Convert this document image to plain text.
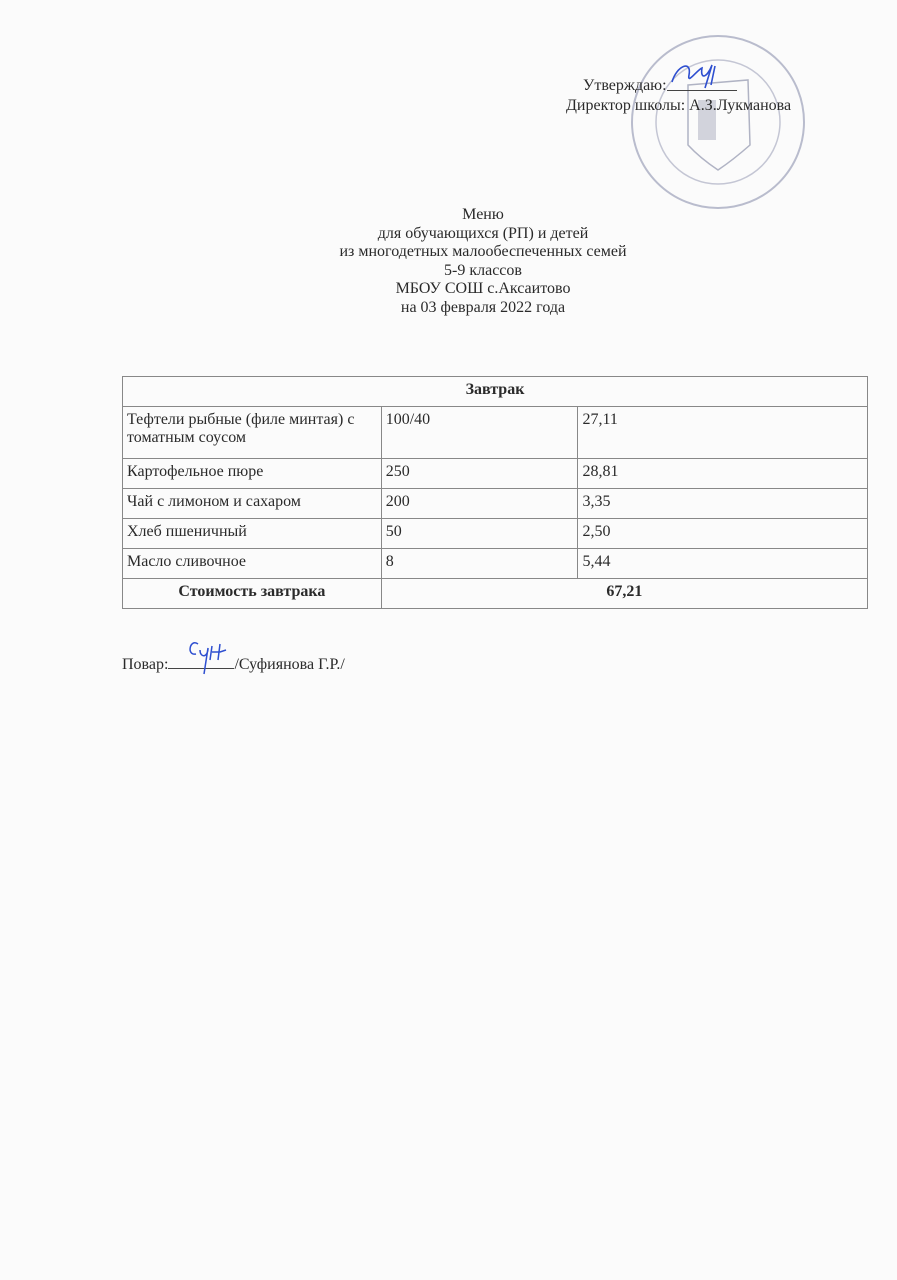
Утверждаю:
Директор школы: А.З.Лукманова
Меню
для обучающихся (РП) и детей
из многодетных малообеспеченных семей
5-9 классов
МБОУ СОШ с.Аксаитово
на 03 февраля 2022 года
Завтрак		
Тефтели рыбные (филе минтая) с томатным соусом	100/40	27,11
Картофельное пюре	250	28,81
Чай с лимоном и сахаром	200	3,35
Хлеб пшеничный	50	2,50
Масло сливочное	8	5,44
Стоимость завтрака	67,21	
Повар:	/Суфиянова Г.Р./
